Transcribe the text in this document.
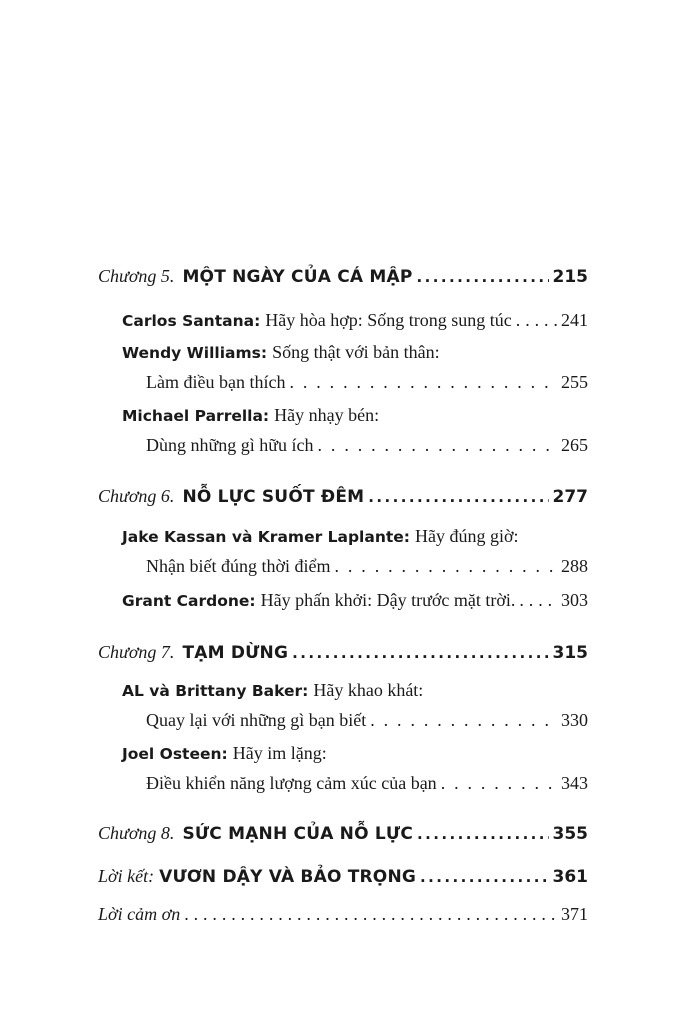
Chương 5. MỘT NGÀY CỦA CÁ MẬP . . .	215
Carlos Santana: Hãy hòa hợp: Sống trong sung túc . . .	241
Wendy Williams: Sống thật với bản thân:
Làm điều bạn thích . . .	255
Michael Parrella: Hãy nhạy bén:
Dùng những gì hữu ích . . .	265
Chương 6. NỖ LỰC SUỐT ĐÊM . . .	277
Jake Kassan và Kramer Laplante: Hãy đúng giờ:
Nhận biết đúng thời điểm . . .	288
Grant Cardone: Hãy phấn khởi: Dậy trước mặt trời. . . .	303
Chương 7. TẠM DỪNG . . .	315
AL và Brittany Baker: Hãy khao khát:
Quay lại với những gì bạn biết . . .	330
Joel Osteen: Hãy im lặng:
Điều khiển năng lượng cảm xúc của bạn . . .	343
Chương 8. SỨC MẠNH CỦA NỖ LỰC . . .	355
Lời kết: VƯƠN DẬY VÀ BẢO TRỌNG . . .	361
Lời cảm ơn . . .	371
